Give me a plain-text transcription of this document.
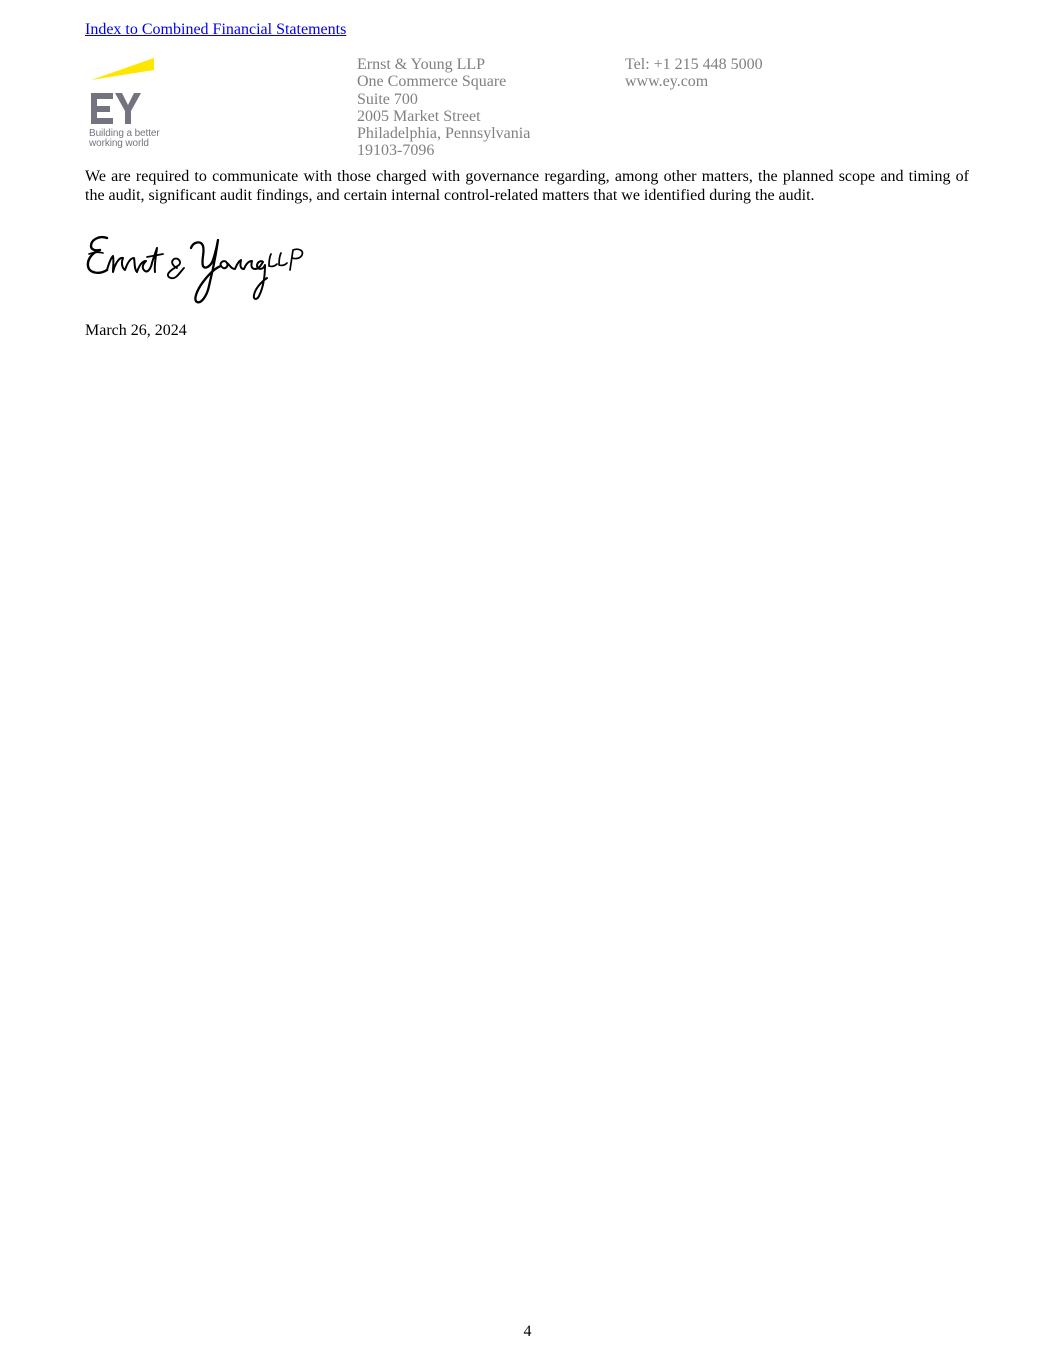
Index to Combined Financial Statements
Building a better
working world
Ernst & Young LLP
One Commerce Square
Suite 700
2005 Market Street
Philadelphia, Pennsylvania
19103-7096
Tel: +1 215 448 5000
www.ey.com

We are required to communicate with those charged with governance regarding, among other matters, the planned scope and timing of the audit, significant audit findings, and certain internal control-related matters that we identified during the audit.

March 26, 2024
4
